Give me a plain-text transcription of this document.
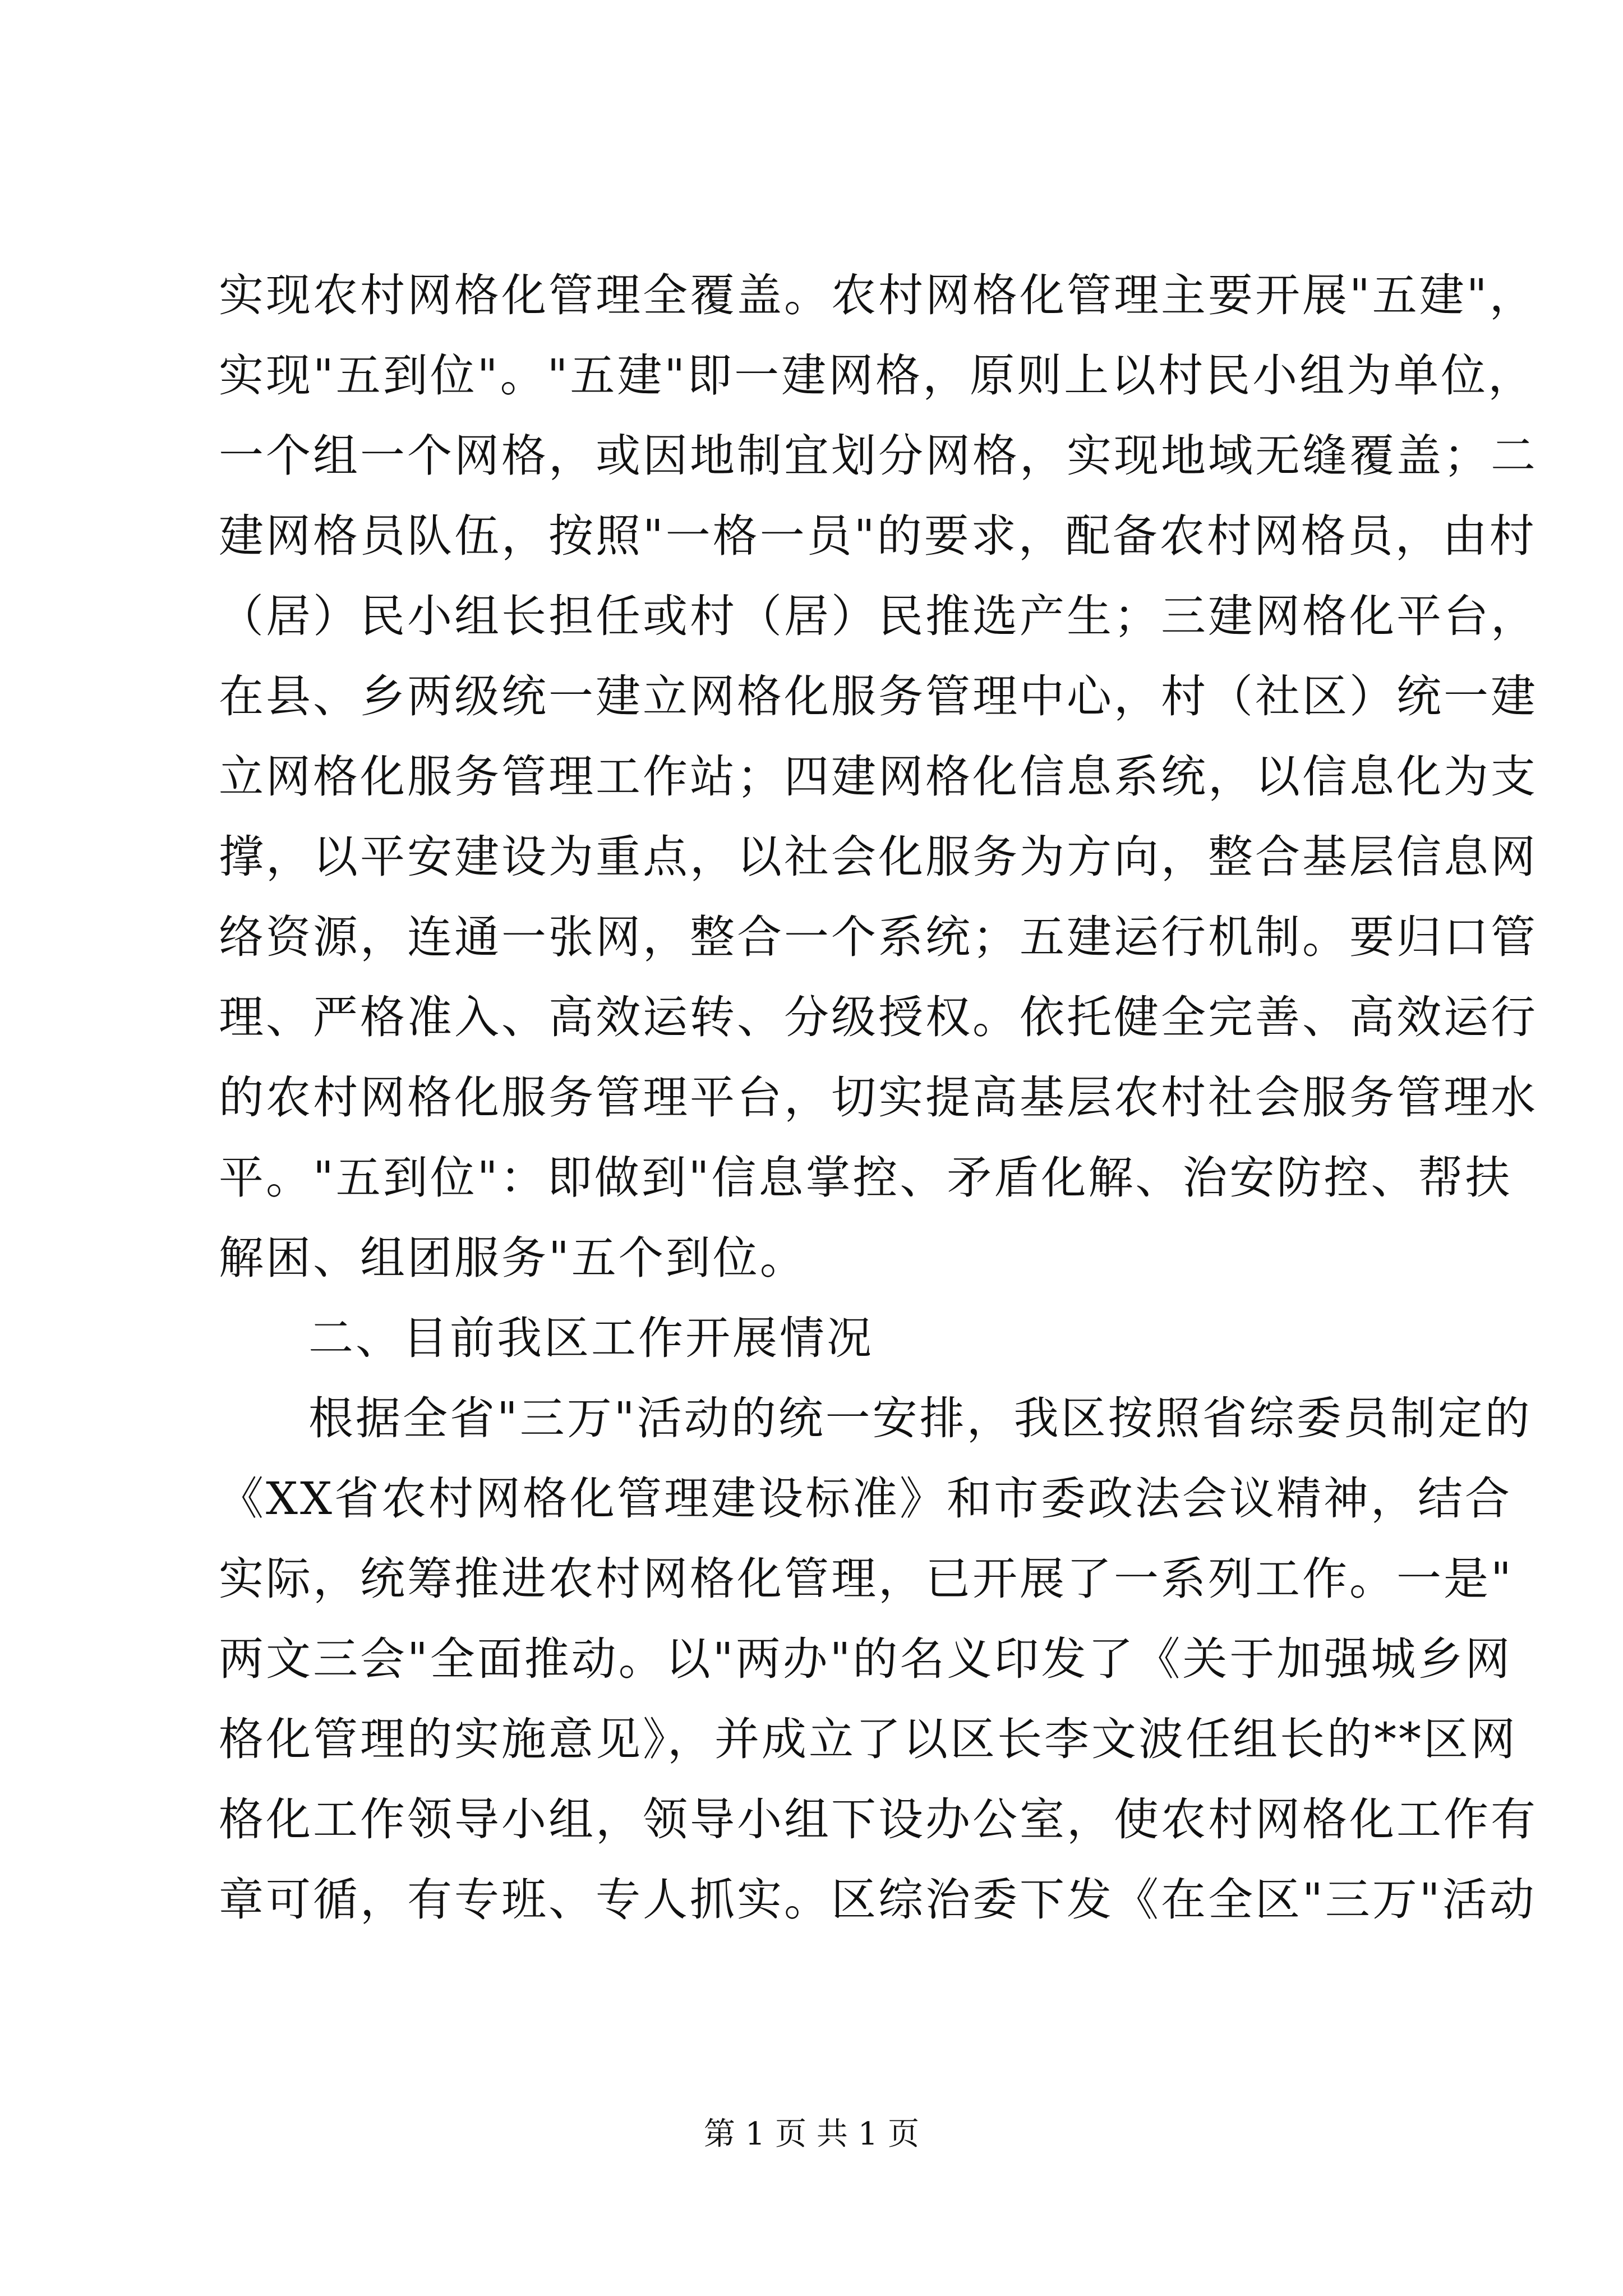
实现农村网格化管理全覆盖。农村网格化管理主要开展"五建"，
实现"五到位"。"五建"即一建网格，原则上以村民小组为单位，
一个组一个网格，或因地制宜划分网格，实现地域无缝覆盖；二
建网格员队伍，按照"一格一员"的要求，配备农村网格员，由村
（居）民小组长担任或村（居）民推选产生；三建网格化平台，
在县、乡两级统一建立网格化服务管理中心，村（社区）统一建
立网格化服务管理工作站；四建网格化信息系统，以信息化为支
撑，以平安建设为重点，以社会化服务为方向，整合基层信息网
络资源，连通一张网，整合一个系统；五建运行机制。要归口管
理、严格准入、高效运转、分级授权。依托健全完善、高效运行
的农村网格化服务管理平台，切实提高基层农村社会服务管理水
平。"五到位"：即做到"信息掌控、矛盾化解、治安防控、帮扶
解困、组团服务"五个到位。
二、目前我区工作开展情况
根据全省"三万"活动的统一安排，我区按照省综委员制定的
《XX省农村网格化管理建设标准》和市委政法会议精神，结合
实际，统筹推进农村网格化管理，已开展了一系列工作。一是"
两文三会"全面推动。以"两办"的名义印发了《关于加强城乡网
格化管理的实施意见》，并成立了以区长李文波任组长的**区网
格化工作领导小组，领导小组下设办公室，使农村网格化工作有
章可循，有专班、专人抓实。区综治委下发《在全区"三万"活动
第 1 页 共 1 页
